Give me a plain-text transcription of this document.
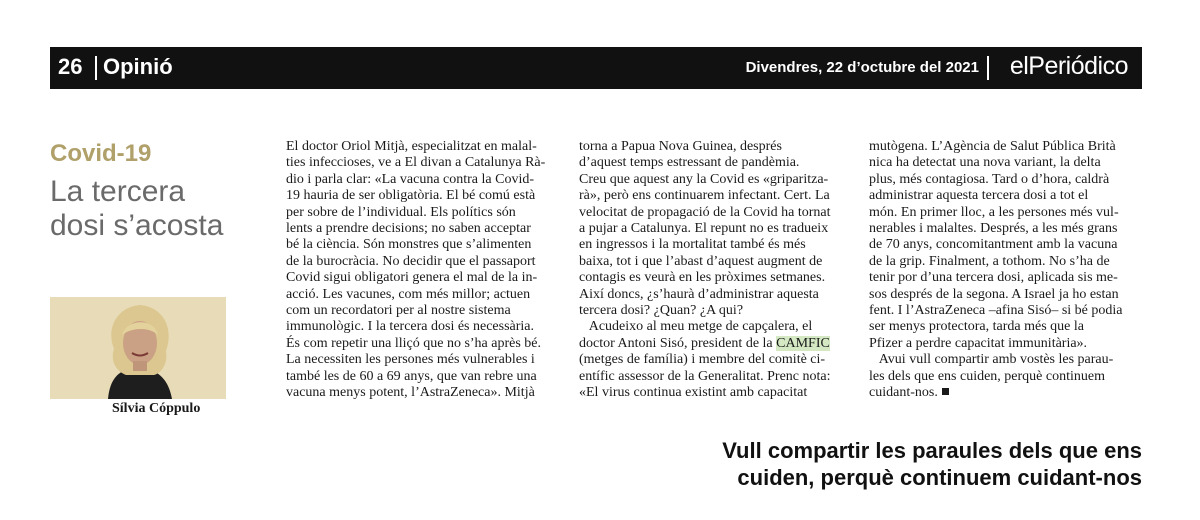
26 Opinió	Divendres, 22 d’octubre del 2021 elPeriódico
Covid-19
La tercera
dosi s’acosta
Sílvia Cóppulo

El doctor Oriol Mitjà, especialitzat en malal-

ties infeccioses, ve a El divan a Catalunya Rà-

dio i parla clar: «La vacuna contra la Covid-

19 hauria de ser obligatòria. El bé comú està

per sobre de l’individual. Els polítics són

lents a prendre decisions; no saben acceptar

bé la ciència. Són monstres que s’alimenten

de la burocràcia. No decidir que el passaport

Covid sigui obligatori genera el mal de la in-

acció. Les vacunes, com més millor; actuen

com un recordatori per al nostre sistema

immunològic. I la tercera dosi és necessària.

És com repetir una lliçó que no s’ha après bé.

La necessiten les persones més vulnerables i

també les de 60 a 69 anys, que van rebre una

vacuna menys potent, l’AstraZeneca». Mitjà

torna a Papua Nova Guinea, després

d’aquest temps estressant de pandèmia.

Creu que aquest any la Covid es «griparitza-

rà», però ens continuarem infectant. Cert. La

velocitat de propagació de la Covid ha tornat

a pujar a Catalunya. El repunt no es tradueix

en ingressos i la mortalitat també és més

baixa, tot i que l’abast d’aquest augment de

contagis es veurà en les pròximes setmanes.

Així doncs, ¿s’haurà d’administrar aquesta

tercera dosi? ¿Quan? ¿A qui?

Acudeixo al meu metge de capçalera, el

doctor Antoni Sisó, president de la CAMFIC

(metges de família) i membre del comitè ci-

entífic assessor de la Generalitat. Prenc nota:

«El virus continua existint amb capacitat

mutògena. L’Agència de Salut Pública Brità

nica ha detectat una nova variant, la delta

plus, més contagiosa. Tard o d’hora, caldrà

administrar aquesta tercera dosi a tot el

món. En primer lloc, a les persones més vul-

nerables i malaltes. Després, a les més grans

de 70 anys, concomitantment amb la vacuna

de la grip. Finalment, a tothom. No s’ha de

tenir por d’una tercera dosi, aplicada sis me-

sos després de la segona. A Israel ja ho estan

fent. I l’AstraZeneca –afina Sisó– si bé podia

ser menys protectora, tarda més que la

Pfizer a perdre capacitat immunitària».

Avui vull compartir amb vostès les parau-

les dels que ens cuiden, perquè continuem

cuidant-nos.

Vull compartir les paraules dels que ens
cuiden, perquè continuem cuidant-nos
